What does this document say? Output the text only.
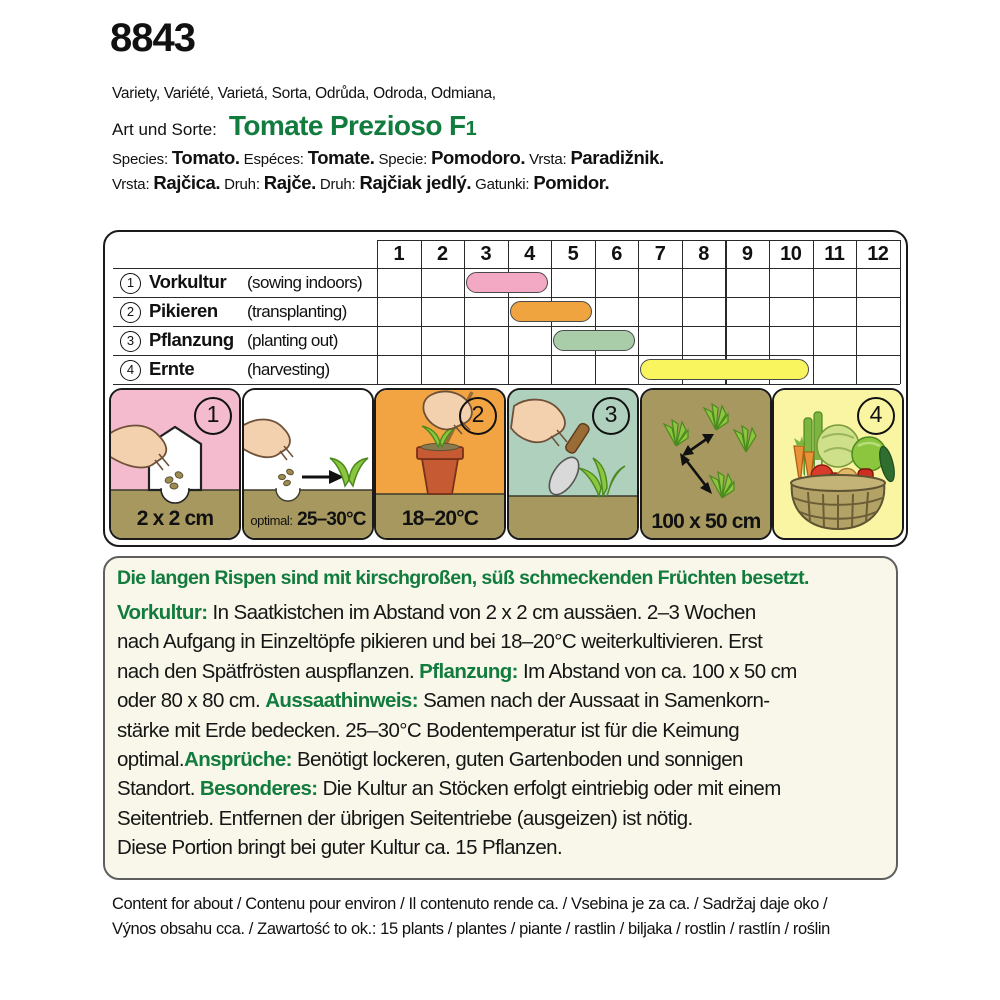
8843
Variety, Variété, Varietá, Sorta, Odrůda, Odroda, Odmiana,
Art und Sorte: Tomate Prezioso F1
Species: Tomato. Espéces: Tomate. Specie: Pomodoro. Vrsta: Paradižnik.
Vrsta: Rajčica. Druh: Rajče. Druh: Rajčiak jedlý. Gatunki: Pomidor.
1	2	3	4	5	6	7	8	9	10	11	12
1 Vorkultur (sowing indoors)
2 Pikieren (transplanting)
3 Pflanzung (planting out)
4 Ernte	(harvesting)
1
2 x 2 cm	optimal: 25–30°C
2
18–20°C
3
100 x 50 cm
4
Die langen Rispen sind mit kirschgroßen, süß schmeckenden Früchten besetzt.
Vorkultur: In Saatkistchen im Abstand von 2 x 2 cm aussäen. 2–3 Wochen
nach Aufgang in Einzeltöpfe pikieren und bei 18–20°C weiterkultivieren. Erst
nach den Spätfrösten auspflanzen. Pflanzung: Im Abstand von ca. 100 x 50 cm
oder 80 x 80 cm. Aussaathinweis: Samen nach der Aussaat in Samenkorn-
stärke mit Erde bedecken. 25–30°C Bodentemperatur ist für die Keimung
optimal.Ansprüche: Benötigt lockeren, guten Gartenboden und sonnigen
Standort. Besonderes: Die Kultur an Stöcken erfolgt eintriebig oder mit einem
Seitentrieb. Entfernen der übrigen Seitentriebe (ausgeizen) ist nötig.
Diese Portion bringt bei guter Kultur ca. 15 Pflanzen.
Content for about / Contenu pour environ / Il contenuto rende ca. / Vsebina je za ca. / Sadržaj daje oko /
Výnos obsahu cca. / Zawartość to ok.: 15 plants / plantes / piante / rastlin / biljaka / rostlin / rastlín / roślin
